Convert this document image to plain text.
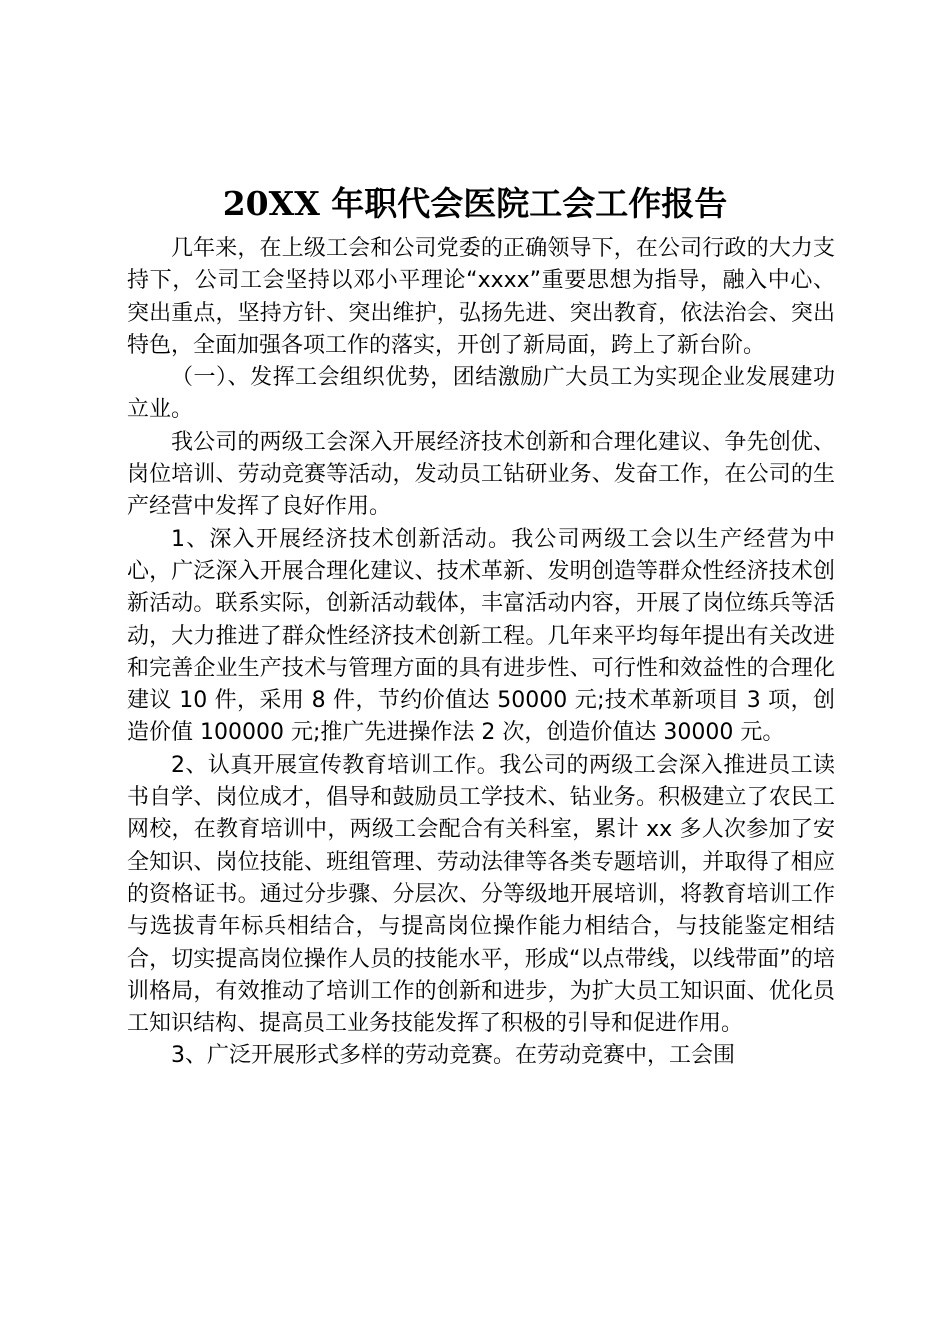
20XX 年职代会医院工会工作报告

几年来，在上级工会和公司党委的正确领导下，在公司行政的大力支持下，公司工会坚持以邓小平理论“xxxx”重要思想为指导，融入中心、突出重点，坚持方针、突出维护，弘扬先进、突出教育，依法治会、突出特色，全面加强各项工作的落实，开创了新局面，跨上了新台阶。

（一）、发挥工会组织优势，团结激励广大员工为实现企业发展建功立业。

我公司的两级工会深入开展经济技术创新和合理化建议、争先创优、岗位培训、劳动竞赛等活动，发动员工钻研业务、发奋工作，在公司的生产经营中发挥了良好作用。

1、深入开展经济技术创新活动。我公司两级工会以生产经营为中心，广泛深入开展合理化建议、技术革新、发明创造等群众性经济技术创新活动。联系实际，创新活动载体，丰富活动内容，开展了岗位练兵等活动，大力推进了群众性经济技术创新工程。几年来平均每年提出有关改进和完善企业生产技术与管理方面的具有进步性、可行性和效益性的合理化建议 10 件，采用 8 件，节约价值达 50000 元;技术革新项目 3 项，创造价值 100000 元;推广先进操作法 2 次，创造价值达 30000 元。

2、认真开展宣传教育培训工作。我公司的两级工会深入推进员工读书自学、岗位成才，倡导和鼓励员工学技术、钻业务。积极建立了农民工网校，在教育培训中，两级工会配合有关科室，累计 xx 多人次参加了安全知识、岗位技能、班组管理、劳动法律等各类专题培训，并取得了相应的资格证书。通过分步骤、分层次、分等级地开展培训，将教育培训工作与选拔青年标兵相结合，与提高岗位操作能力相结合，与技能鉴定相结合，切实提高岗位操作人员的技能水平，形成“以点带线，以线带面”的培训格局，有效推动了培训工作的创新和进步，为扩大员工知识面、优化员工知识结构、提高员工业务技能发挥了积极的引导和促进作用。

3、广泛开展形式多样的劳动竞赛。在劳动竞赛中，工会围
